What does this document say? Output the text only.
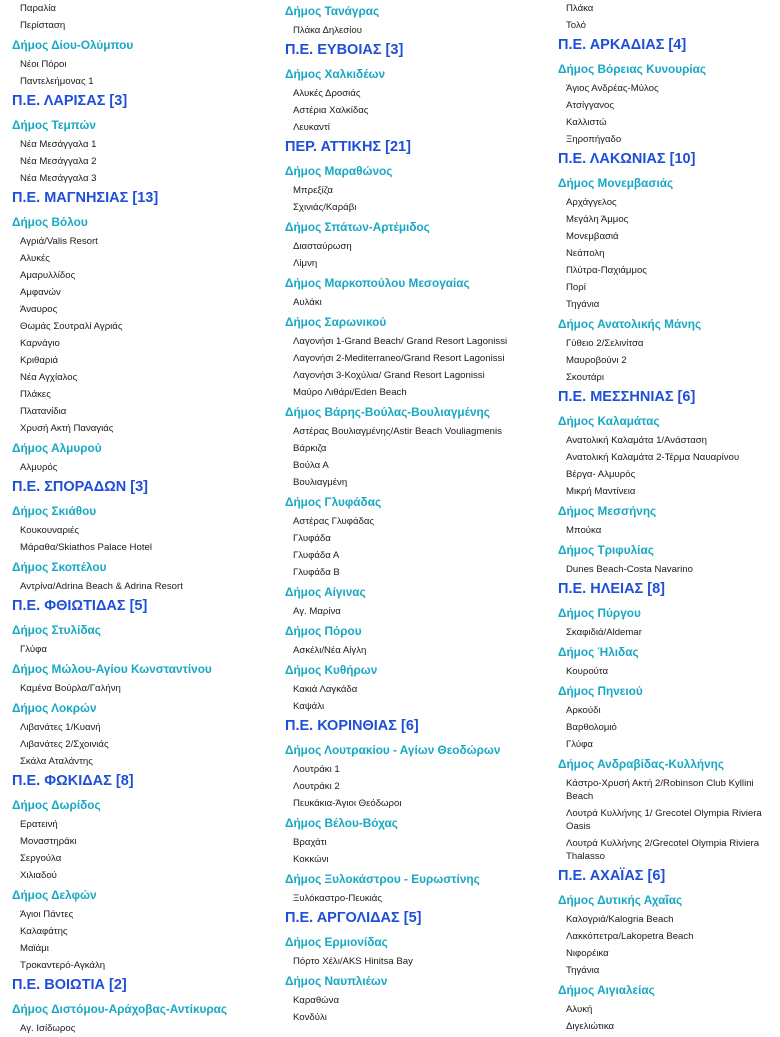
Παραλία
Περίσταση
Δήμος Δίου-Ολύμπου
Νέοι Πόροι
Παντελεήμονας 1
Π.Ε. ΛΑΡΙΣΑΣ [3]
Δήμος Τεμπών
Νέα Μεσάγγαλα 1
Νέα Μεσάγγαλα 2
Νέα Μεσάγγαλα 3
Π.Ε. ΜΑΓΝΗΣΙΑΣ [13]
Δήμος Βόλου
Αγριά/Valis Resort
Αλυκές
Αμαρυλλίδος
Αμφανών
Άναυρος
Θωμάς Σουτραλί Αγριάς
Καρνάγιο
Κριθαριά
Νέα Αγχίαλος
Πλάκες
Πλατανίδια
Χρυσή Ακτή Παναγιάς
Δήμος Αλμυρού
Αλμυρός
Π.Ε. ΣΠΟΡΑΔΩΝ [3]
Δήμος Σκιάθου
Κουκουναριές
Μάραθα/Skiathos Palace Hotel
Δήμος Σκοπέλου
Αντρίνα/Adrina Beach & Adrina Resort
Π.Ε. ΦΘΙΩΤΙΔΑΣ [5]
Δήμος Στυλίδας
Γλύφα
Δήμος Μώλου-Αγίου Κωνσταντίνου
Καμένα Βούρλα/Γαλήνη
Δήμος Λοκρών
Λιβανάτες 1/Κυανή
Λιβανάτες 2/Σχοινιάς
Σκάλα Αταλάντης
Π.Ε. ΦΩΚΙΔΑΣ [8]
Δήμος Δωρίδος
Ερατεινή
Μοναστηράκι
Σεργούλα
Χιλιαδού
Δήμος Δελφών
Άγιοι Πάντες
Καλαφάτης
Μαϊάμι
Τροκαντερό-Αγκάλη
Π.Ε. ΒΟΙΩΤΙΑ [2]
Δήμος Διστόμου-Αράχοβας-Αντίκυρας
Αγ. Ισίδωρος
Δήμος Τανάγρας
Πλάκα Δηλεσίου
Π.Ε. ΕΥΒΟΙΑΣ [3]
Δήμος Χαλκιδέων
Αλυκές Δροσιάς
Αστέρια Χαλκίδας
Λευκαντί
ΠΕΡ. ΑΤΤΙΚΗΣ [21]
Δήμος Μαραθώνος
Μπρεξίζα
Σχινιάς/Καράβι
Δήμος Σπάτων-Αρτέμιδος
Διασταύρωση
Λίμνη
Δήμος Μαρκοπούλου Μεσογαίας
Αυλάκι
Δήμος Σαρωνικού
Λαγονήσι 1-Grand Beach/ Grand Resort Lagonissi
Λαγονήσι 2-Mediterraneo/Grand Resort Lagonissi
Λαγονήσι 3-Κοχύλια/ Grand Resort Lagonissi
Μαύρο Λιθάρι/Eden Beach
Δήμος Βάρης-Βούλας-Βουλιαγμένης
Αστέρας Βουλιαγμένης/Astir Beach Vouliagmenis
Βάρκιζα
Βούλα Α
Βουλιαγμένη
Δήμος Γλυφάδας
Αστέρας Γλυφάδας
Γλυφάδα
Γλυφάδα Α
Γλυφάδα Β
Δήμος Αίγινας
Αγ. Μαρίνα
Δήμος Πόρου
Ασκέλι/Νέα Αίγλη
Δήμος Κυθήρων
Κακιά Λαγκάδα
Καψάλι
Π.Ε. ΚΟΡΙΝΘΙΑΣ [6]
Δήμος Λουτρακίου - Αγίων Θεοδώρων
Λουτράκι 1
Λουτράκι 2
Πευκάκια-Άγιοι Θεόδωροι
Δήμος Βέλου-Βόχας
Βραχάτι
Κοκκώνι
Δήμος Ξυλοκάστρου - Ευρωστίνης
Ξυλόκαστρο-Πευκιάς
Π.Ε. ΑΡΓΟΛΙΔΑΣ [5]
Δήμος Ερμιονίδας
Πόρτο Χέλι/AKS Hinitsa Bay
Δήμος Ναυπλιέων
Καραθώνα
Κονδύλι
Πλάκα
Τολό
Π.Ε. ΑΡΚΑΔΙΑΣ [4]
Δήμος Βόρειας Κυνουρίας
Άγιος Ανδρέας-Μύλος
Ατσίγγανος
Καλλιστώ
Ξηροπήγαδο
Π.Ε. ΛΑΚΩΝΙΑΣ [10]
Δήμος Μονεμβασιάς
Αρχάγγελος
Μεγάλη Άμμος
Μονεμβασιά
Νεάπολη
Πλύτρα-Παχιάμμος
Πορί
Τηγάνια
Δήμος Ανατολικής Μάνης
Γύθειο 2/Σελινίτσα
Μαυροβούνι 2
Σκουτάρι
Π.Ε. ΜΕΣΣΗΝΙΑΣ [6]
Δήμος Καλαμάτας
Ανατολική Καλαμάτα 1/Ανάσταση
Ανατολική Καλαμάτα 2-Τέρμα Ναυαρίνου
Βέργα- Αλμυρός
Μικρή Μαντίνεια
Δήμος Μεσσήνης
Μπούκα
Δήμος Τριφυλίας
Dunes Beach-Costa Navarino
Π.Ε. ΗΛΕΙΑΣ [8]
Δήμος Πύργου
Σκαφιδιά/Aldemar
Δήμος Ήλιδας
Κουρούτα
Δήμος Πηνειού
Αρκούδι
Βαρθολομιό
Γλύφα
Δήμος Ανδραβίδας-Κυλλήνης
Κάστρο-Χρυσή Ακτή 2/Robinson Club Kyllini Beach
Λουτρά Κυλλήνης 1/ Grecotel Olympia Riviera Oasis
Λουτρά Κυλλήνης 2/Grecotel Olympia Riviera Thalasso
Π.Ε. ΑΧΑΪΑΣ [6]
Δήμος Δυτικής Αχαΐας
Καλογριά/Kalogria Beach
Λακκόπετρα/Lakopetra Beach
Νιφορέικα
Τηγάνια
Δήμος Αιγιαλείας
Αλυκή
Διγελιώτικα
